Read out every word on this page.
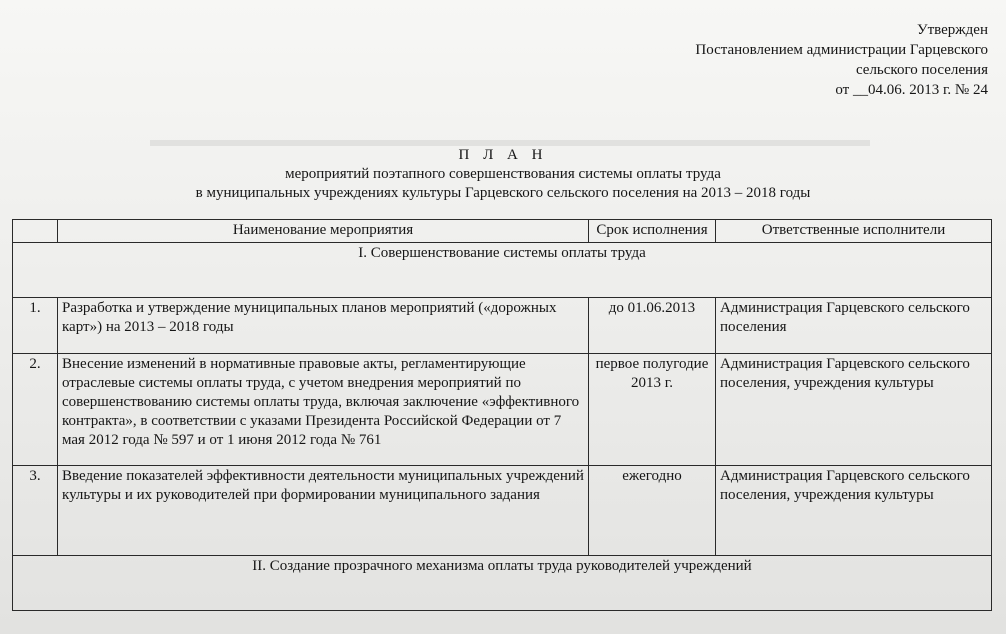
Утвержден
Постановлением администрации Гарцевского
сельского поселения
от __04.06. 2013 г. № 24
П Л А Н
мероприятий поэтапного совершенствования системы оплаты труда
в муниципальных учреждениях культуры Гарцевского сельского поселения на 2013 – 2018 годы
	Наименование мероприятия	Срок исполнения	Ответственные исполнители
I. Совершенствование системы оплаты труда			
1.	Разработка и утверждение муниципальных планов мероприятий («дорожных карт») на 2013 – 2018 годы	до 01.06.2013	Администрация Гарцевского сельского поселения
2.	Внесение изменений в нормативные правовые акты, регламентирующие отраслевые системы оплаты труда, с учетом внедрения мероприятий по совершенствованию системы оплаты труда, включая заключение «эффективного контракта», в соответствии с указами Президента Российской Федерации от 7 мая 2012 года № 597 и от 1 июня 2012 года № 761	первое полугодие 2013 г.	Администрация Гарцевского сельского поселения, учреждения культуры
3.	Введение показателей эффективности деятельности муниципальных учреждений культуры и их руководителей при формировании муниципального задания	ежегодно	Администрация Гарцевского сельского поселения, учреждения культуры
II. Создание прозрачного механизма оплаты труда руководителей учреждений			
